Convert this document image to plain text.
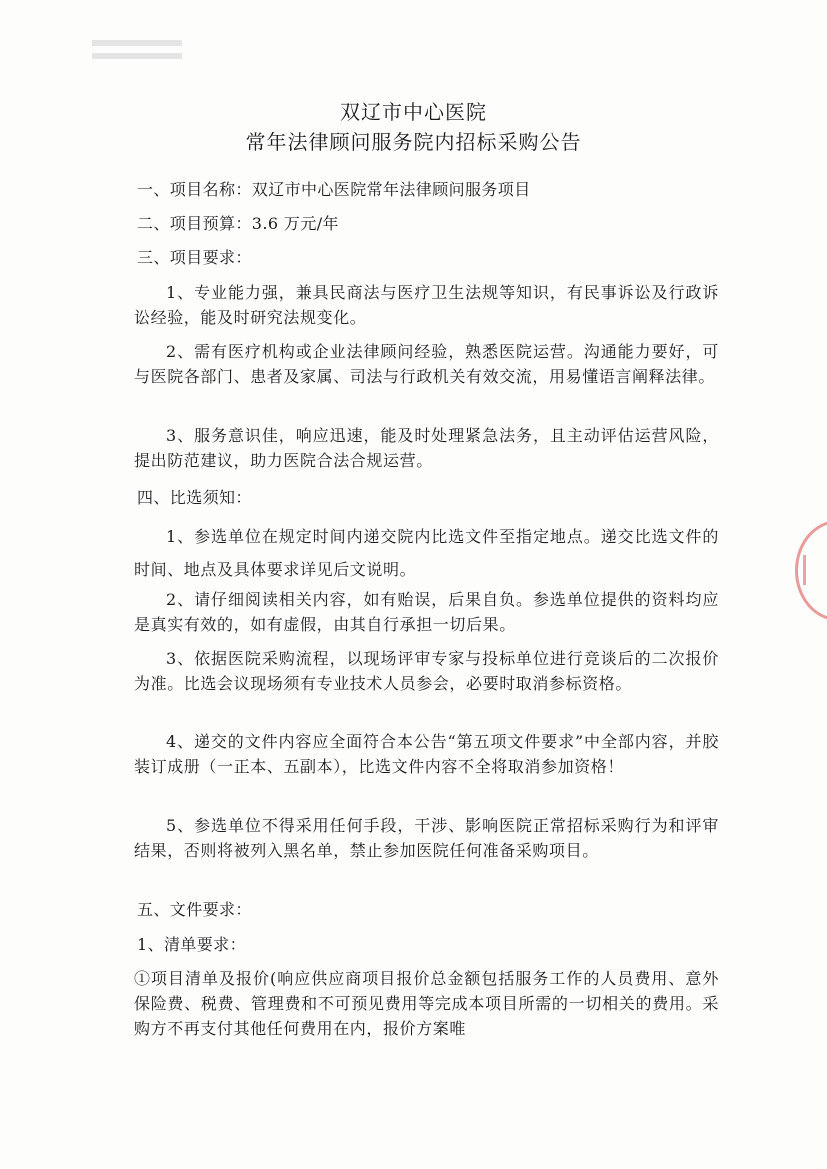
双辽市中心医院
常年法律顾问服务院内招标采购公告
一、项目名称：双辽市中心医院常年法律顾问服务项目
二、项目预算：3.6 万元/年
三、项目要求：
1、专业能力强，兼具民商法与医疗卫生法规等知识，有民事诉讼及行政诉讼经验，能及时研究法规变化。
2、需有医疗机构或企业法律顾问经验，熟悉医院运营。沟通能力要好，可与医院各部门、患者及家属、司法与行政机关有效交流，用易懂语言阐释法律。
3、服务意识佳，响应迅速，能及时处理紧急法务，且主动评估运营风险，提出防范建议，助力医院合法合规运营。
四、比选须知：
1、参选单位在规定时间内递交院内比选文件至指定地点。递交比选文件的时间、地点及具体要求详见后文说明。
2、请仔细阅读相关内容，如有贻误，后果自负。参选单位提供的资料均应是真实有效的，如有虚假，由其自行承担一切后果。
3、依据医院采购流程，以现场评审专家与投标单位进行竞谈后的二次报价为准。比选会议现场须有专业技术人员参会，必要时取消参标资格。
4、递交的文件内容应全面符合本公告“第五项文件要求”中全部内容，并胶装订成册（一正本、五副本），比选文件内容不全将取消参加资格！
5、参选单位不得采用任何手段，干涉、影响医院正常招标采购行为和评审结果，否则将被列入黑名单，禁止参加医院任何准备采购项目。
五、文件要求：
1、清单要求：
①项目清单及报价(响应供应商项目报价总金额包括服务工作的人员费用、意外保险费、税费、管理费和不可预见费用等完成本项目所需的一切相关的费用。采购方不再支付其他任何费用在内，报价方案唯
